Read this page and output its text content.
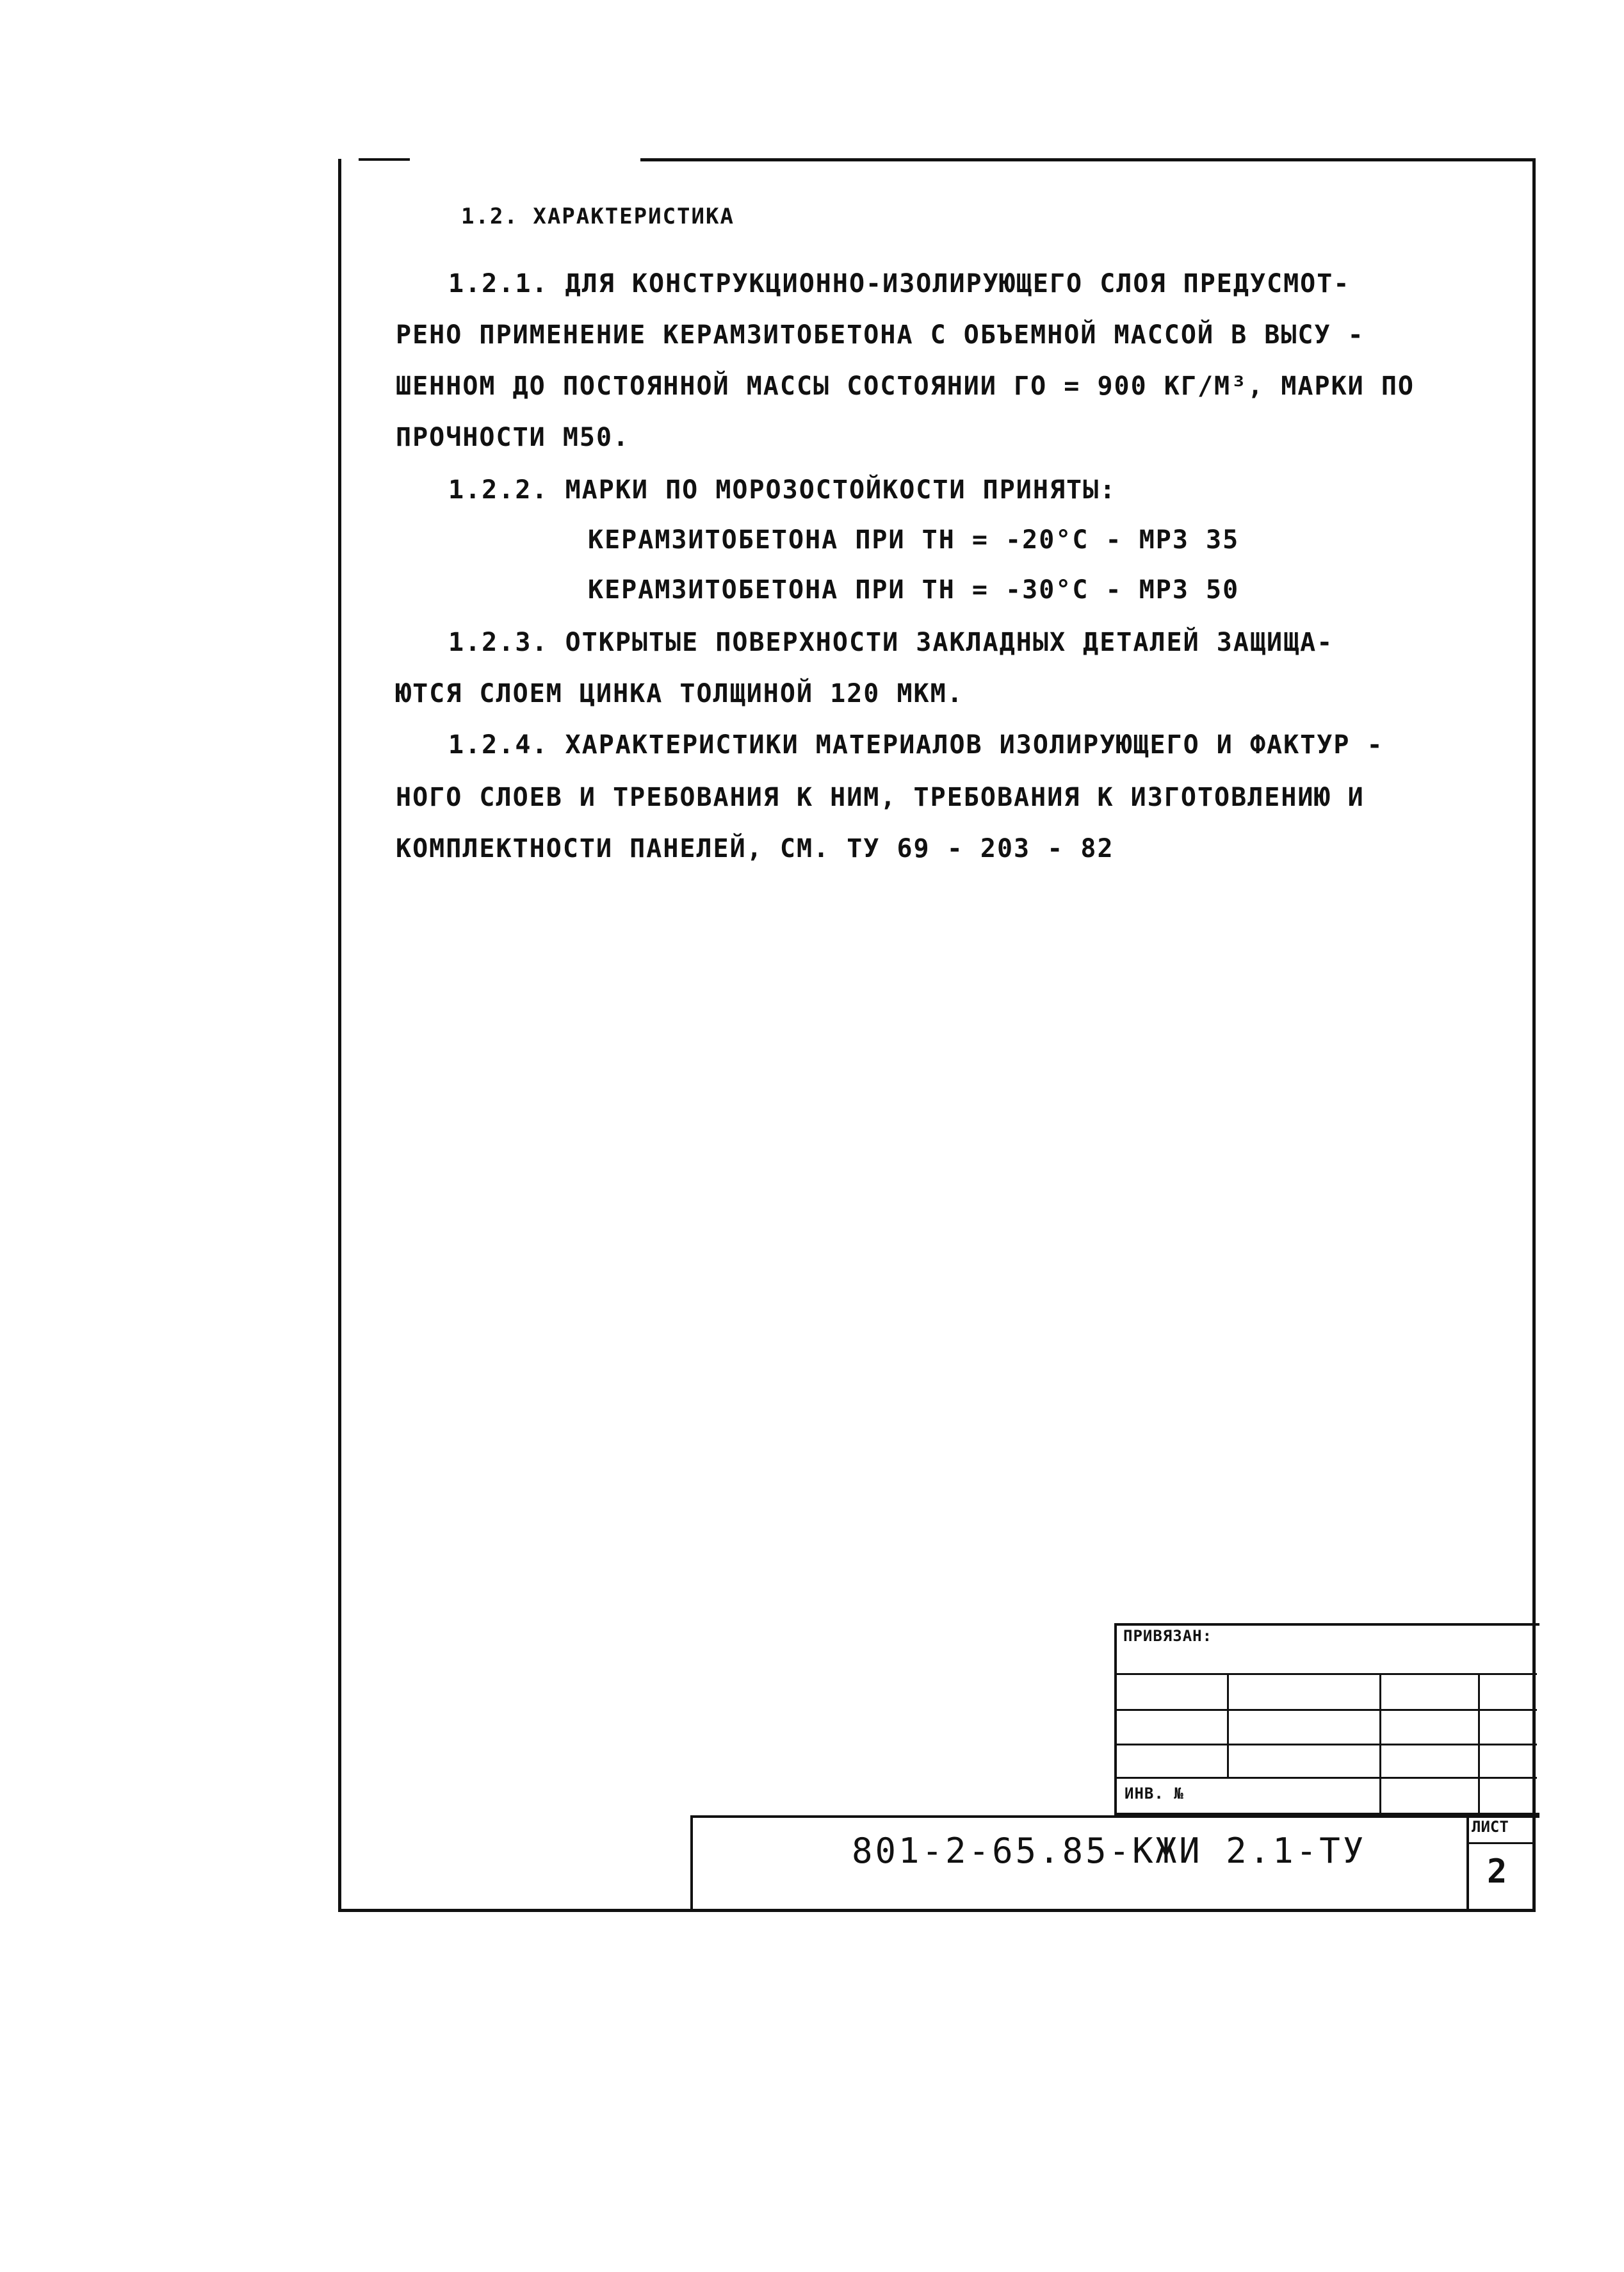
1.2. ХАРАКТЕРИСТИКА
1.2.1. ДЛЯ КОНСТРУКЦИОННО-ИЗОЛИРУЮЩЕГО СЛОЯ ПРЕДУСМОТ-
РЕНО ПРИМЕНЕНИЕ КЕРАМЗИТОБЕТОНА С ОБЪЕМНОЙ МАССОЙ В ВЫСУ -
ШЕННОМ ДО ПОСТОЯННОЙ МАССЫ СОСТОЯНИИ ΓO = 900 КГ/М³, МАРКИ ПО
ПРОЧНОСТИ М50.
1.2.2. МАРКИ ПО МОРОЗОСТОЙКОСТИ ПРИНЯТЫ:
КЕРАМЗИТОБЕТОНА ПРИ TН = -20°С - МРЗ 35
КЕРАМЗИТОБЕТОНА ПРИ TН = -30°С - МРЗ 50
1.2.3. ОТКРЫТЫЕ ПОВЕРХНОСТИ ЗАКЛАДНЫХ ДЕТАЛЕЙ ЗАЩИЩА-
ЮТСЯ СЛОЕМ ЦИНКА ТОЛЩИНОЙ 120 МКМ.
1.2.4. ХАРАКТЕРИСТИКИ МАТЕРИАЛОВ ИЗОЛИРУЮЩЕГО И ФАКТУР -
НОГО СЛОЕВ И ТРЕБОВАНИЯ К НИМ, ТРЕБОВАНИЯ К ИЗГОТОВЛЕНИЮ И
КОМПЛЕКТНОСТИ ПАНЕЛЕЙ, СМ. ТУ 69 - 203 - 82
ПРИВЯЗАН:
ИНВ. №
801-2-65.85-КЖИ 2.1-ТУ
ЛИСТ
2
